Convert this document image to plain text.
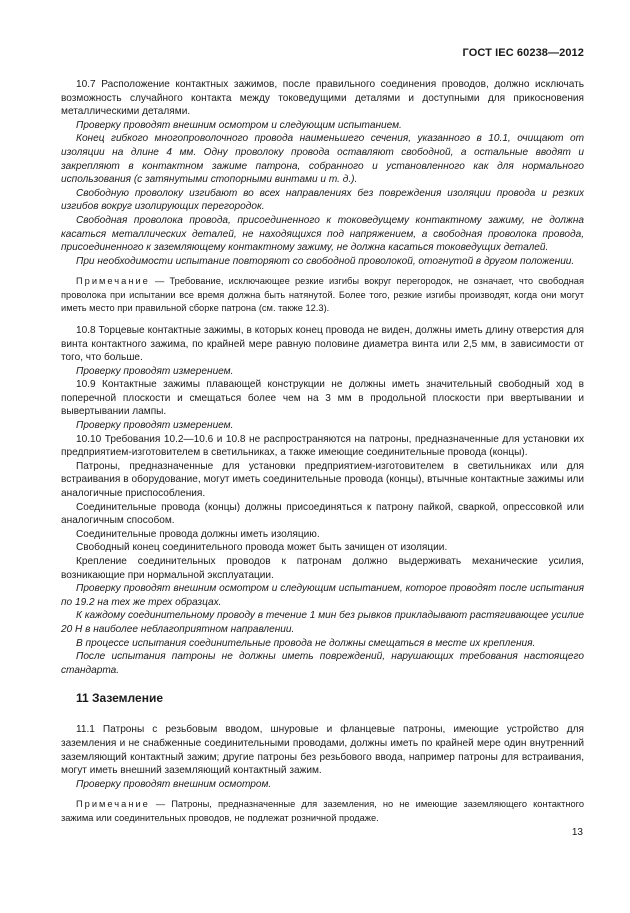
ГОСТ IEC 60238—2012

10.7 Расположение контактных зажимов, после правильного соединения проводов, должно исключать возможность случайного контакта между токоведущими деталями и доступными для прикосновения металлическими деталями.

Проверку проводят внешним осмотром и следующим испытанием.

Конец гибкого многопроволочного провода наименьшего сечения, указанного в 10.1, очищают от изоляции на длине 4 мм. Одну проволоку провода оставляют свободной, а остальные вводят и закрепляют в контактном зажиме патрона, собранного и установленного как для нормального использования (с затянутыми стопорными винтами и т. д.).

Свободную проволоку изгибают во всех направлениях без повреждения изоляции провода и резких изгибов вокруг изолирующих перегородок.

Свободная проволока провода, присоединенного к токоведущему контактному зажиму, не должна касаться металлических деталей, не находящихся под напряжением, а свободная проволока провода, присоединенного к заземляющему контактному зажиму, не должна касаться токоведущих деталей.

При необходимости испытание повторяют со свободной проволокой, отогнутой в другом положении.

Примечание — Требование, исключающее резкие изгибы вокруг перегородок, не означает, что свободная проволока при испытании все время должна быть натянутой. Более того, резкие изгибы производят, когда они могут иметь место при правильной сборке патрона (см. также 12.3).

10.8 Торцевые контактные зажимы, в которых конец провода не виден, должны иметь длину отверстия для винта контактного зажима, по крайней мере равную половине диаметра винта или 2,5 мм, в зависимости от того, что больше.

Проверку проводят измерением.

10.9 Контактные зажимы плавающей конструкции не должны иметь значительный свободный ход в поперечной плоскости и смещаться более чем на 3 мм в продольной плоскости при ввертывании и вывертывании лампы.

Проверку проводят измерением.

10.10 Требования 10.2—10.6 и 10.8 не распространяются на патроны, предназначенные для установки их предприятием-изготовителем в светильниках, а также имеющие соединительные провода (концы).

Патроны, предназначенные для установки предприятием-изготовителем в светильниках или для встраивания в оборудование, могут иметь соединительные провода (концы), втычные контактные зажимы или аналогичные приспособления.

Соединительные провода (концы) должны присоединяться к патрону пайкой, сваркой, опрессовкой или аналогичным способом.

Соединительные провода должны иметь изоляцию.

Свободный конец соединительного провода может быть зачищен от изоляции.

Крепление соединительных проводов к патронам должно выдерживать механические усилия, возникающие при нормальной эксплуатации.

Проверку проводят внешним осмотром и следующим испытанием, которое проводят после испытания по 19.2 на тех же трех образцах.

К каждому соединительному проводу в течение 1 мин без рывков прикладывают растягивающее усилие 20 Н в наиболее неблагоприятном направлении.

В процессе испытания соединительные провода не должны смещаться в месте их крепления.

После испытания патроны не должны иметь повреждений, нарушающих требования настоящего стандарта.

11 Заземление

11.1 Патроны с резьбовым вводом, шнуровые и фланцевые патроны, имеющие устройство для заземления и не снабженные соединительными проводами, должны иметь по крайней мере один внутренний заземляющий контактный зажим; другие патроны без резьбового ввода, например патроны для встраивания, могут иметь внешний заземляющий контактный зажим.

Проверку проводят внешним осмотром.

Примечание — Патроны, предназначенные для заземления, но не имеющие заземляющего контактного зажима или соединительных проводов, не подлежат розничной продаже.

13
